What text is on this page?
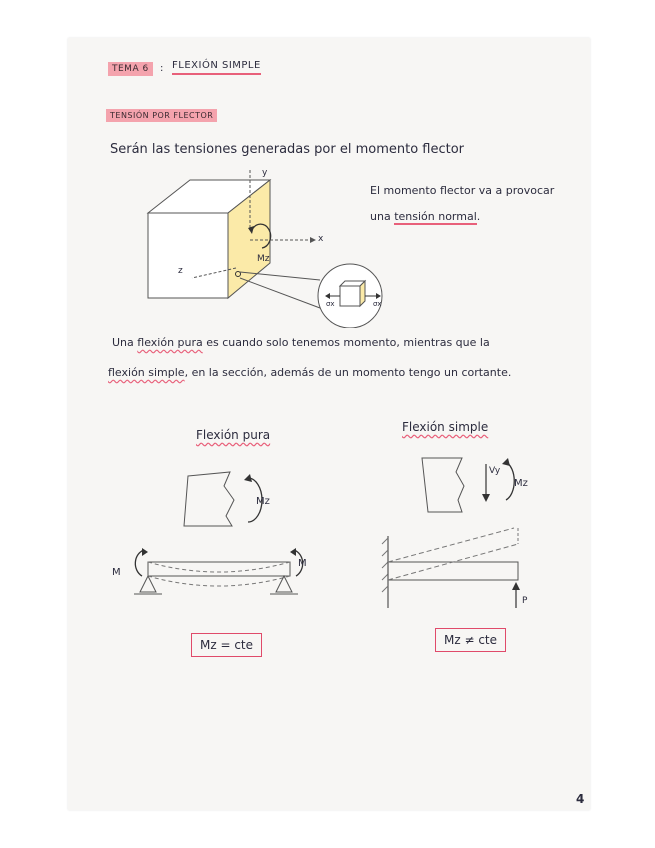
TEMA 6	: FLEXIÓN SIMPLE
TENSIÓN POR FLECTOR
Serán las tensiones generadas por el momento flector
y
x
z
Mz
σx	σx
El momento flector va a provocar
una tensión normal.
Una flexión pura es cuando solo tenemos momento, mientras que la
flexión simple, en la sección, además de un momento tengo un cortante.
Flexión pura
Flexión simple
Mz
M
M
Mz = cte
Vy
Mz
P
Mz ≠ cte
4
